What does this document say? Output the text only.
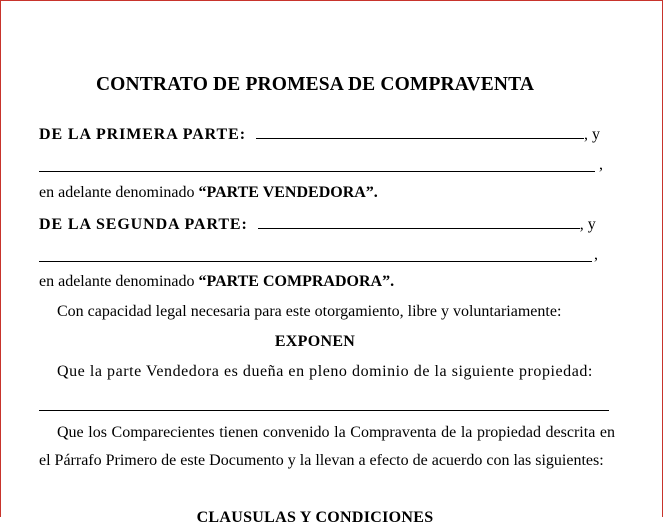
CONTRATO DE PROMESA DE COMPRAVENTA
DE LA PRIMERA PARTE:	, y
,
en adelante denominado “PARTE VENDEDORA”.
DE LA SEGUNDA PARTE:	, y
,
en adelante denominado “PARTE COMPRADORA”.
Con capacidad legal necesaria para este otorgamiento, libre y voluntariamente:
EXPONEN
Que la parte Vendedora es dueña en pleno dominio de la siguiente propiedad:
Que los Comparecientes tienen convenido la Compraventa de la propiedad descrita en el Párrafo Primero de este Documento y la llevan a efecto de acuerdo con las siguientes:
CLAUSULAS Y CONDICIONES
